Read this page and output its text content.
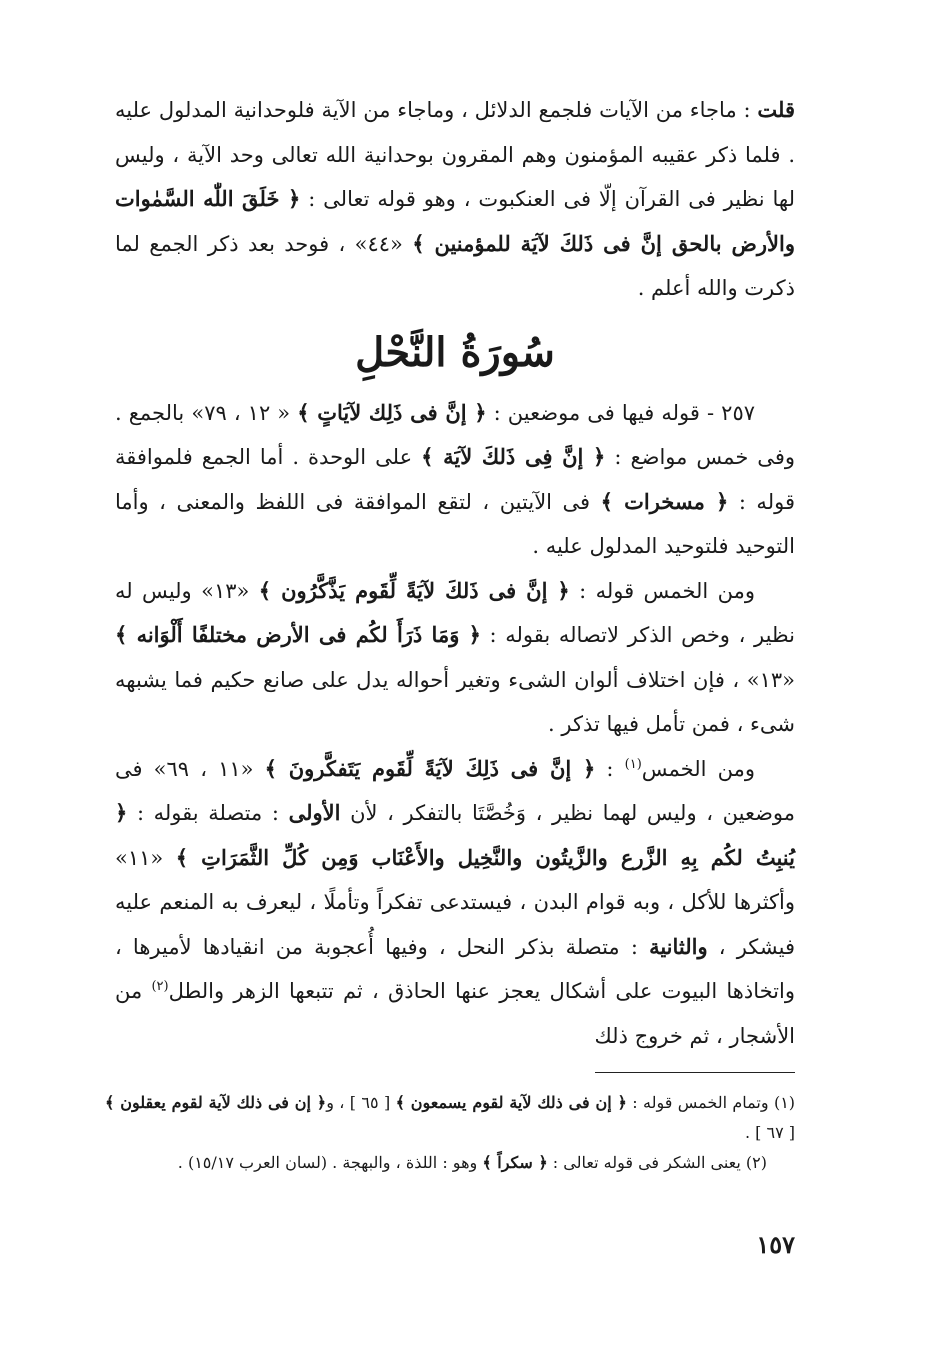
قلت : ماجاء من الآيات فلجمع الدلائل ، وماجاء من الآية فلوحدانية المدلول عليه . فلما ذكر عقيبه المؤمنون وهم المقرون بوحدانية الله تعالى وحد الآية ، وليس لها نظير فى القرآن إلّا فى العنكبوت ، وهو قوله تعالى : ﴿ خَلَقَ اللّٰه السَّمٰوات والأرض بالحق إنَّ فى ذَلكَ لآيَة للمؤمنين ﴾ «٤٤» ، فوحد بعد ذكر الجمع لما ذكرت والله أعلم .

سُورَةُ النَّحْلِ

٢٥٧ - قوله فيها فى موضعين : ﴿ إنَّ فى ذَلِك لآيَاتٍ ﴾ « ١٢ ، ٧٩» بالجمع . وفى خمس مواضع : ﴿ إنَّ فِى ذَلكَ لآيَة ﴾ على الوحدة . أما الجمع فلموافقة قوله : ﴿ مسخرات ﴾ فى الآيتين ، لتقع الموافقة فى اللفظ والمعنى ، وأما التوحيد فلتوحيد المدلول عليه .

ومن الخمس قوله : ﴿ إنَّ فى ذَلكَ لآيَةً لِّقَوم يَذَّكَّرُون ﴾ «١٣» وليس له نظير ، وخص الذكر لاتصاله بقوله : ﴿ وَمَا ذَرَأَ لكُم فى الأرض مختلفًا أَلْوَانه ﴾ «١٣» ، فإن اختلاف ألوان الشىء وتغير أحواله يدل على صانع حكيم فما يشبهه شىء ، فمن تأمل فيها تذكر .

ومن الخمس$^{(١)}$ : ﴿ إنَّ فى ذَلِكَ لآيَةً لِّقَوم يَتَفكَّرونَ ﴾ «١١ ، ٦٩» فى موضعين ، وليس لهما نظير ، وَخُصَّتَا بالتفكر ، لأن الأولى : متصلة بقوله : ﴿ يُنبِتُ لكُم بِهِ الزَّرع والزَّيتُون والنَّخِيل والأَعْنَاب وَمِن كُلِّ الثَّمَرَاتِ ﴾ «١١» وأكثرها للأكل ، وبه قوام البدن ، فيستدعى تفكراً وتأملًا ، ليعرف به المنعم عليه فيشكر ، والثانية : متصلة بذكر النحل ، وفيها أُعجوبة من انقيادها لأميرها ، واتخاذها البيوت على أشكال يعجز عنها الحاذق ، ثم تتبعها الزهر والطل$^{(٢)}$ من الأشجار ، ثم خروج ذلك

(١) وتمام الخمس قوله : ﴿ إن فى ذلك لآية لقوم يسمعون ﴾ [ ٦٥ ] ، و﴿ إن فى ذلك لآية لقوم يعقلون ﴾ [ ٦٧ ] .

(٢) يعنى الشكر فى قوله تعالى : ﴿ سكراً ﴾ وهو : اللذة ، والبهجة . (لسان العرب ١٥/١٧) .

١٥٧
